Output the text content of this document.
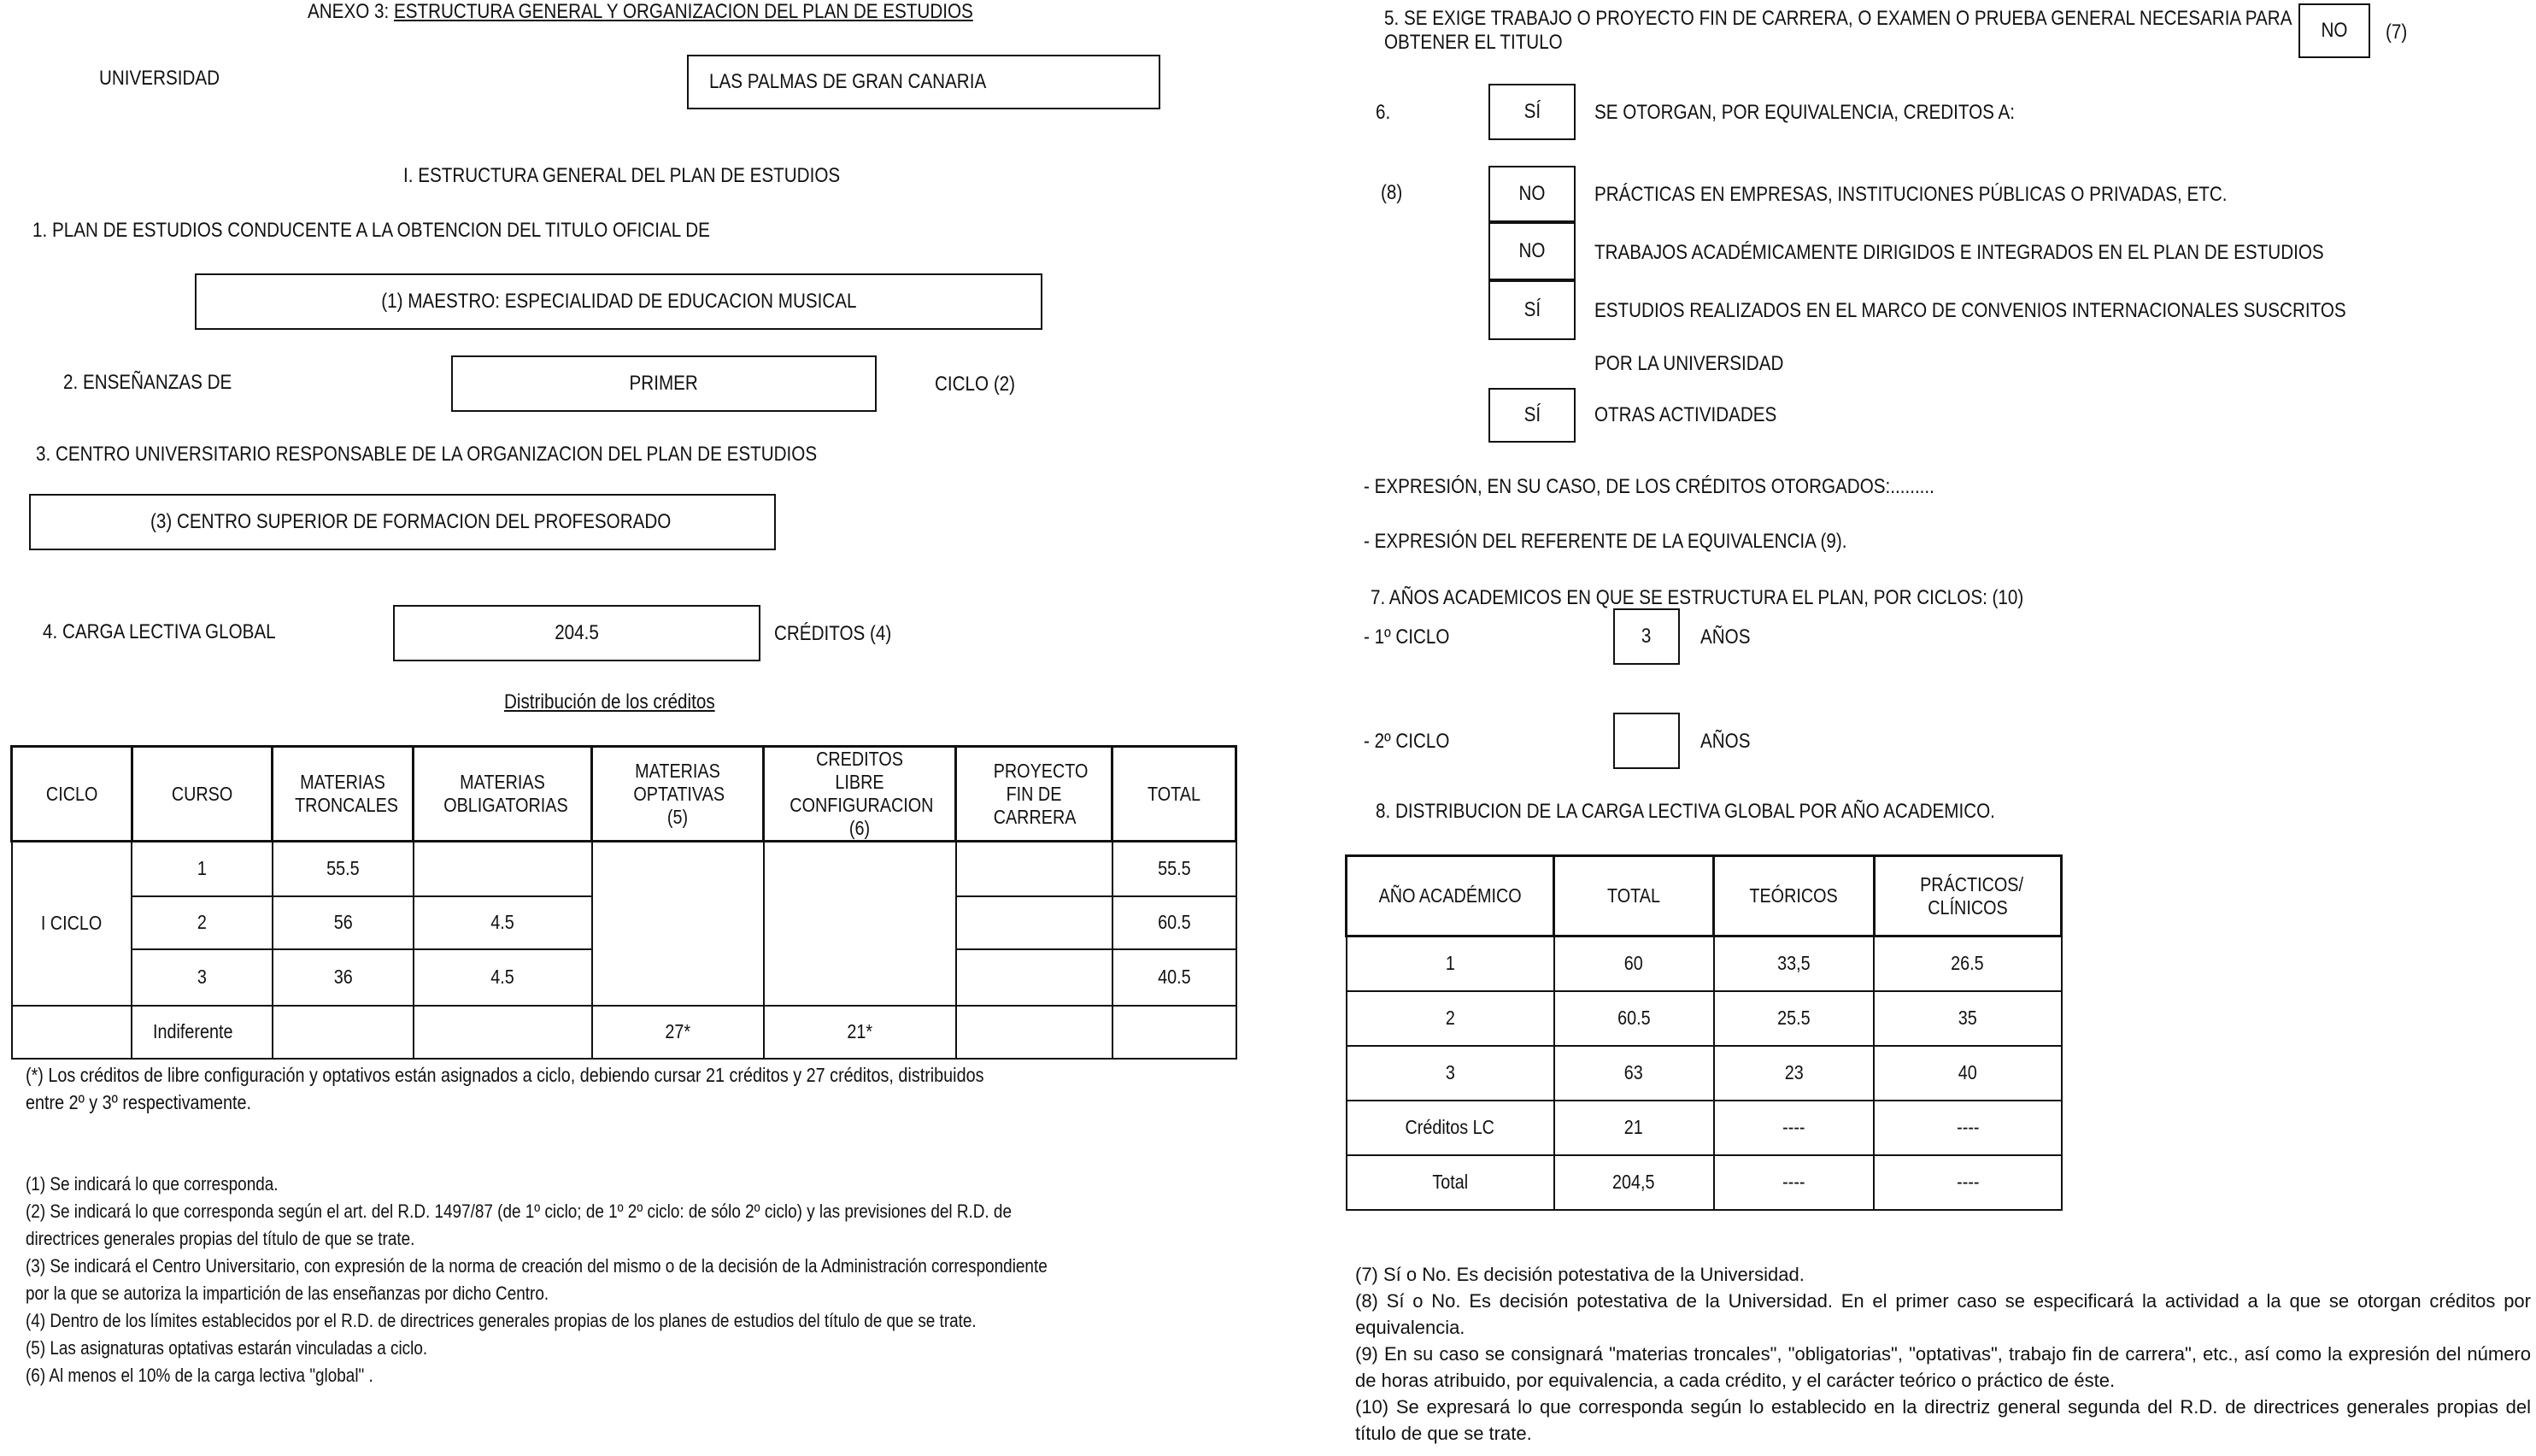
ANEXO 3: ESTRUCTURA GENERAL Y ORGANIZACION DEL PLAN DE ESTUDIOS
UNIVERSIDAD	LAS PALMAS DE GRAN CANARIA
I. ESTRUCTURA GENERAL DEL PLAN DE ESTUDIOS
1. PLAN DE ESTUDIOS CONDUCENTE A LA OBTENCION DEL TITULO OFICIAL DE
(1) MAESTRO: ESPECIALIDAD DE EDUCACION MUSICAL
2. ENSEÑANZAS DE	PRIMER	CICLO (2)
3. CENTRO UNIVERSITARIO RESPONSABLE DE LA ORGANIZACION DEL PLAN DE ESTUDIOS
(3) CENTRO SUPERIOR DE FORMACION DEL PROFESORADO
4. CARGA LECTIVA GLOBAL	204.5	CRÉDITOS (4)
Distribución de los créditos
CICLO	CURSO	MATERIAS TRONCALES	MATERIAS OBLIGATORIAS	MATERIAS OPTATIVAS (5)	CREDITOS LIBRE CONFIGURACION (6)	PROYECTO FIN DE CARRERA	TOTAL
I CICLO	1	55.5					55.5
	2	56	4.5				60.5
	3	36	4.5				40.5
	Indiferente			27*	21*		
(*) Los créditos de libre configuración y optativos están asignados a ciclo, debiendo cursar 21 créditos y 27 créditos, distribuidos
entre 2º y 3º respectivamente.
(1) Se indicará lo que corresponda.
(2) Se indicará lo que corresponda según el art. del R.D. 1497/87 (de 1º ciclo; de 1º 2º ciclo: de sólo 2º ciclo) y las previsiones del R.D. de
directrices generales propias del título de que se trate.
(3) Se indicará el Centro Universitario, con expresión de la norma de creación del mismo o de la decisión de la Administración correspondiente
por la que se autoriza la impartición de las enseñanzas por dicho Centro.
(4) Dentro de los límites establecidos por el R.D. de directrices generales propias de los planes de estudios del título de que se trate.
(5) Las asignaturas optativas estarán vinculadas a ciclo.
(6) Al menos el 10% de la carga lectiva "global" .
5. SE EXIGE TRABAJO O PROYECTO FIN DE CARRERA, O EXAMEN O PRUEBA GENERAL NECESARIA PARA
OBTENER EL TITULO
NO (7)
6.	SÍ	SE OTORGAN, POR EQUIVALENCIA, CREDITOS A:
(8)	NO PRÁCTICAS EN EMPRESAS, INSTITUCIONES PÚBLICAS O PRIVADAS, ETC.
NO TRABAJOS ACADÉMICAMENTE DIRIGIDOS E INTEGRADOS EN EL PLAN DE ESTUDIOS
SÍ	ESTUDIOS REALIZADOS EN EL MARCO DE CONVENIOS INTERNACIONALES SUSCRITOS
POR LA UNIVERSIDAD
SÍ	OTRAS ACTIVIDADES
- EXPRESIÓN, EN SU CASO, DE LOS CRÉDITOS OTORGADOS:.........
- EXPRESIÓN DEL REFERENTE DE LA EQUIVALENCIA (9).
7. AÑOS ACADEMICOS EN QUE SE ESTRUCTURA EL PLAN, POR CICLOS: (10)
- 1º CICLO	3 AÑOS
- 2º CICLO	AÑOS
8. DISTRIBUCION DE LA CARGA LECTIVA GLOBAL POR AÑO ACADEMICO.
AÑO ACADÉMICO	TOTAL	TEÓRICOS	PRÁCTICOS/ CLÍNICOS
1	60	33,5	26.5
2	60.5	25.5	35
3	63	23	40
Créditos LC	21	----	----
Total	204,5	----	----
(7) Sí o No. Es decisión potestativa de la Universidad.
(8) Sí o No. Es decisión potestativa de la Universidad. En el primer caso se especificará la actividad a la que se otorgan créditos por equivalencia.
(9) En su caso se consignará "materias troncales", "obligatorias", "optativas", trabajo fin de carrera", etc., así como la expresión del número de horas atribuido, por equivalencia, a cada crédito, y el carácter teórico o práctico de éste.
(10) Se expresará lo que corresponda según lo establecido en la directriz general segunda del R.D. de directrices generales propias del título de que se trate.
